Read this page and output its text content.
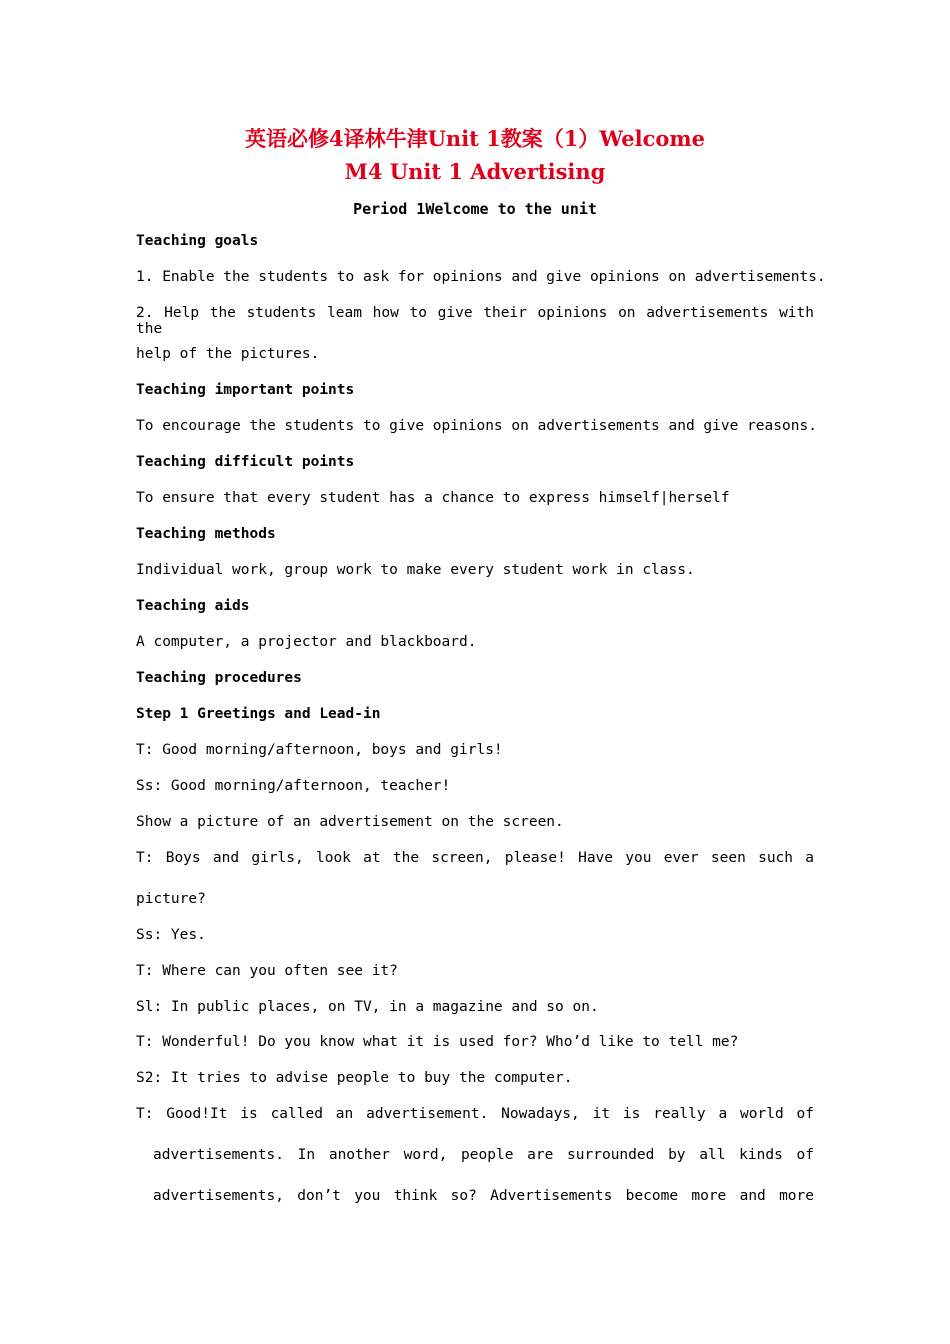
英语必修4译林牛津Unit 1教案（1）Welcome
M4 Unit 1 Advertising
Period 1Welcome to the unit
Teaching goals
1. Enable the students to ask for opinions and give opinions on advertisements.
2. Help the students leam how to give their opinions on advertisements with the
help of the pictures.
Teaching important points
To encourage the students to give opinions on advertisements and give reasons.
Teaching difficult points
To ensure that every student has a chance to express himself|herself
Teaching methods
Individual work, group work to make every student work in class.
Teaching aids
A computer, a projector and blackboard.
Teaching procedures
Step 1 Greetings and Lead-in
T: Good morning/afternoon, boys and girls!
Ss: Good morning/afternoon, teacher!
Show a picture of an advertisement on the screen.
T: Boys and girls, look at the screen, please! Have you ever seen such a
picture?
Ss: Yes.
T: Where can you often see it?
Sl: In public places, on TV, in a magazine and so on.
T: Wonderful! Do you know what it is used for? Who’d like to tell me?
S2: It tries to advise people to buy the computer.
T: Good!It is called an advertisement. Nowadays, it is really a world of
advertisements. In another word, people are surrounded by all kinds of
advertisements, don’t you think so? Advertisements become more and more
